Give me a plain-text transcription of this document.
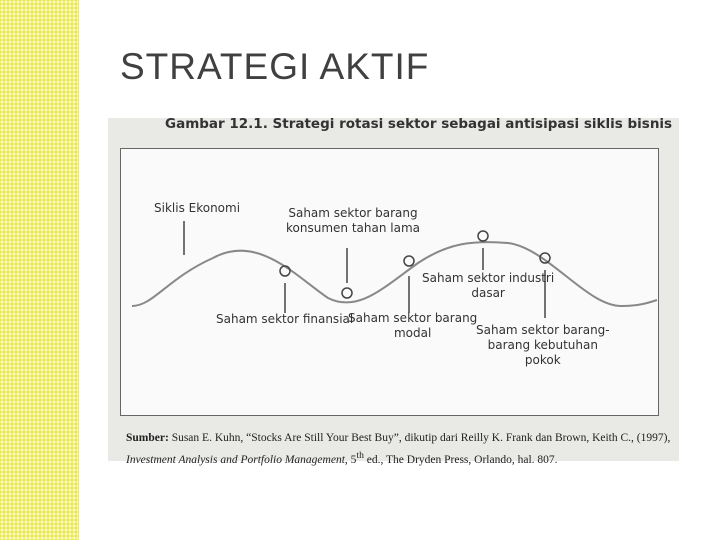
STRATEGI AKTIF
Gambar 12.1. Strategi rotasi sektor sebagai antisipasi siklis bisnis
Siklis Ekonomi	Saham sektor barang
konsumen tahan lama
Saham sektor finansial
Saham sektor barang
modal
Saham sektor industri
dasar
Saham sektor barang-
barang kebutuhan
pokok
Sumber: Susan E. Kuhn, “Stocks Are Still Your Best Buy”, dikutip dari Reilly K. Frank dan Brown, Keith C., (1997), Investment Analysis and Portfolio Management, 5th ed., The Dryden Press, Orlando, hal. 807.
